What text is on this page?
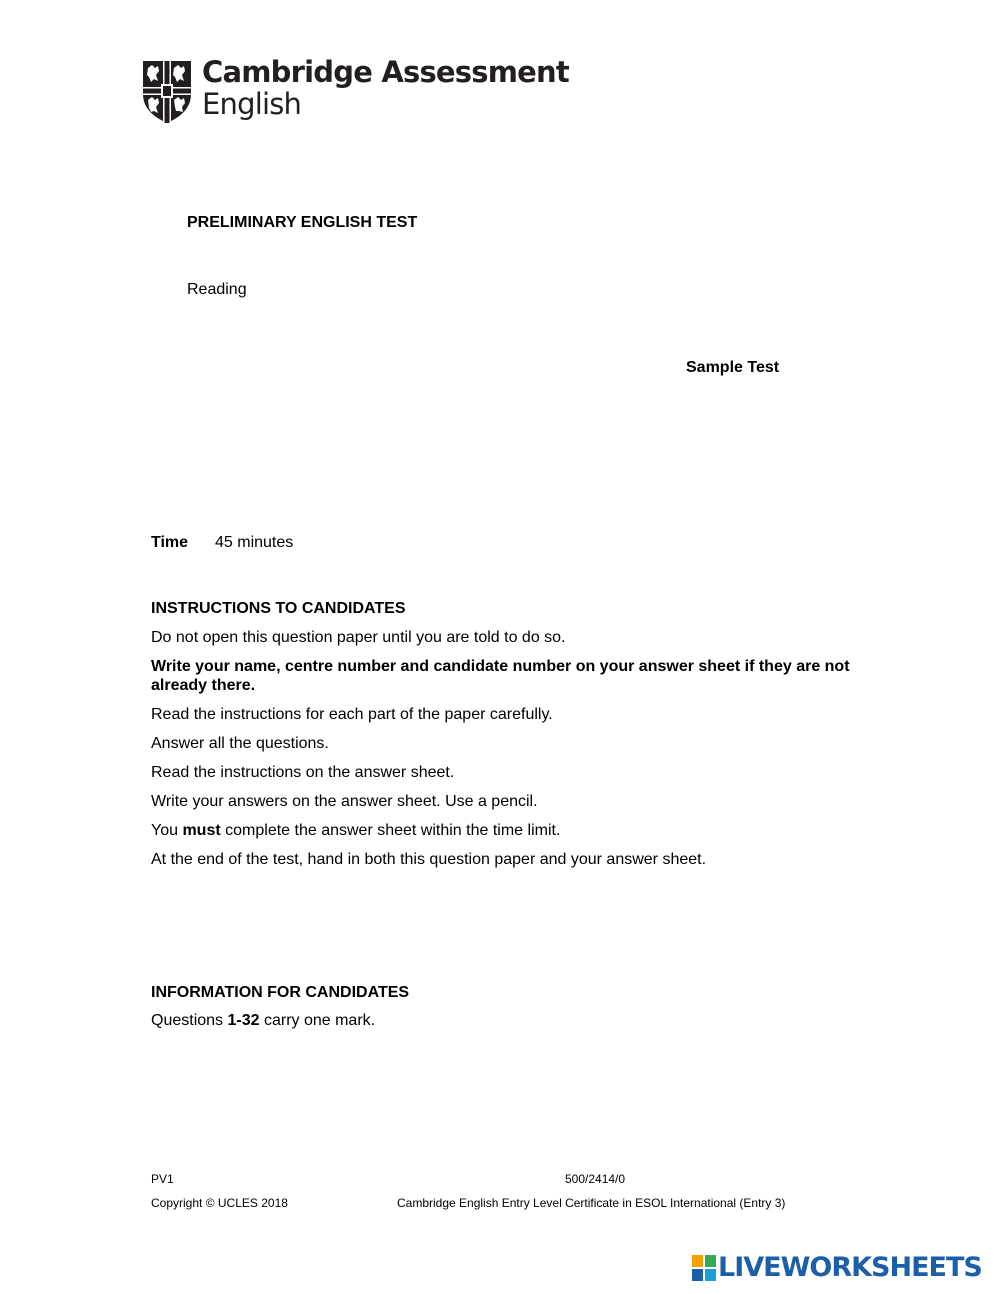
Cambridge Assessment
English
PRELIMINARY ENGLISH TEST
Reading
Sample Test
Time 45 minutes
INSTRUCTIONS TO CANDIDATES
Do not open this question paper until you are told to do so.
Write your name, centre number and candidate number on your answer sheet if they are not already there.
Read the instructions for each part of the paper carefully.
Answer all the questions.
Read the instructions on the answer sheet.
Write your answers on the answer sheet. Use a pencil.
You must complete the answer sheet within the time limit.
At the end of the test, hand in both this question paper and your answer sheet.
INFORMATION FOR CANDIDATES
Questions 1-32 carry one mark.
PV1	500/2414/0
Copyright © UCLES 2018	Cambridge English Entry Level Certificate in ESOL International (Entry 3)
LIVEWORKSHEETS
